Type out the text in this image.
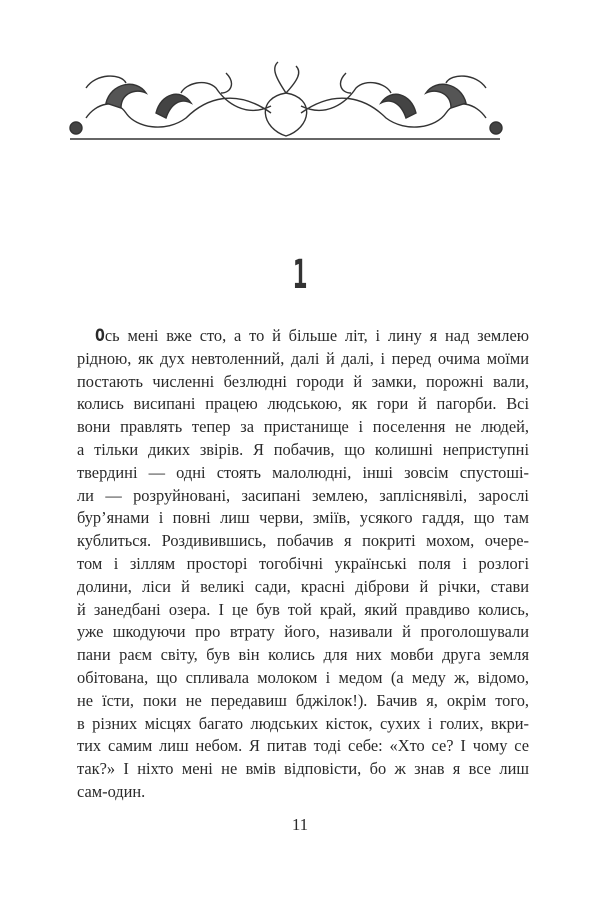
1
Ось мені вже сто, а то й більше літ, і лину я над землею
рідною, як дух невтоленний, далі й далі, і перед очима моїми
постають численні безлюдні городи й замки, порожні вали,
колись висипані працею людською, як гори й пагорби. Всі
вони правлять тепер за пристанище і поселення не людей,
а тільки диких звірів. Я побачив, що колишні неприступні
твердині — одні стоять малолюдні, інші зовсім спустоші-
ли — розруйновані, засипані землею, запліснявілі, зарослі
бур’янами і повні лиш черви, зміїв, усякого гаддя, що там
кублиться. Роздивившись, побачив я покриті мохом, очере-
том і зіллям просторі тогобічні українські поля і розлогі
долини, ліси й великі сади, красні діброви й річки, стави
й занедбані озера. І це був той край, який правдиво колись,
уже шкодуючи про втрату його, називали й проголошували
пани раєм світу, був він колись для них мовби друга земля
обітована, що спливала молоком і медом (а меду ж, відомо,
не їсти, поки не передавиш бджілок!). Бачив я, окрім того,
в різних місцях багато людських кісток, сухих і голих, вкри-
тих самим лиш небом. Я питав тоді себе: «Хто се? І чому се
так?» І ніхто мені не вмів відповісти, бо ж знав я все лиш
сам-один.
11
